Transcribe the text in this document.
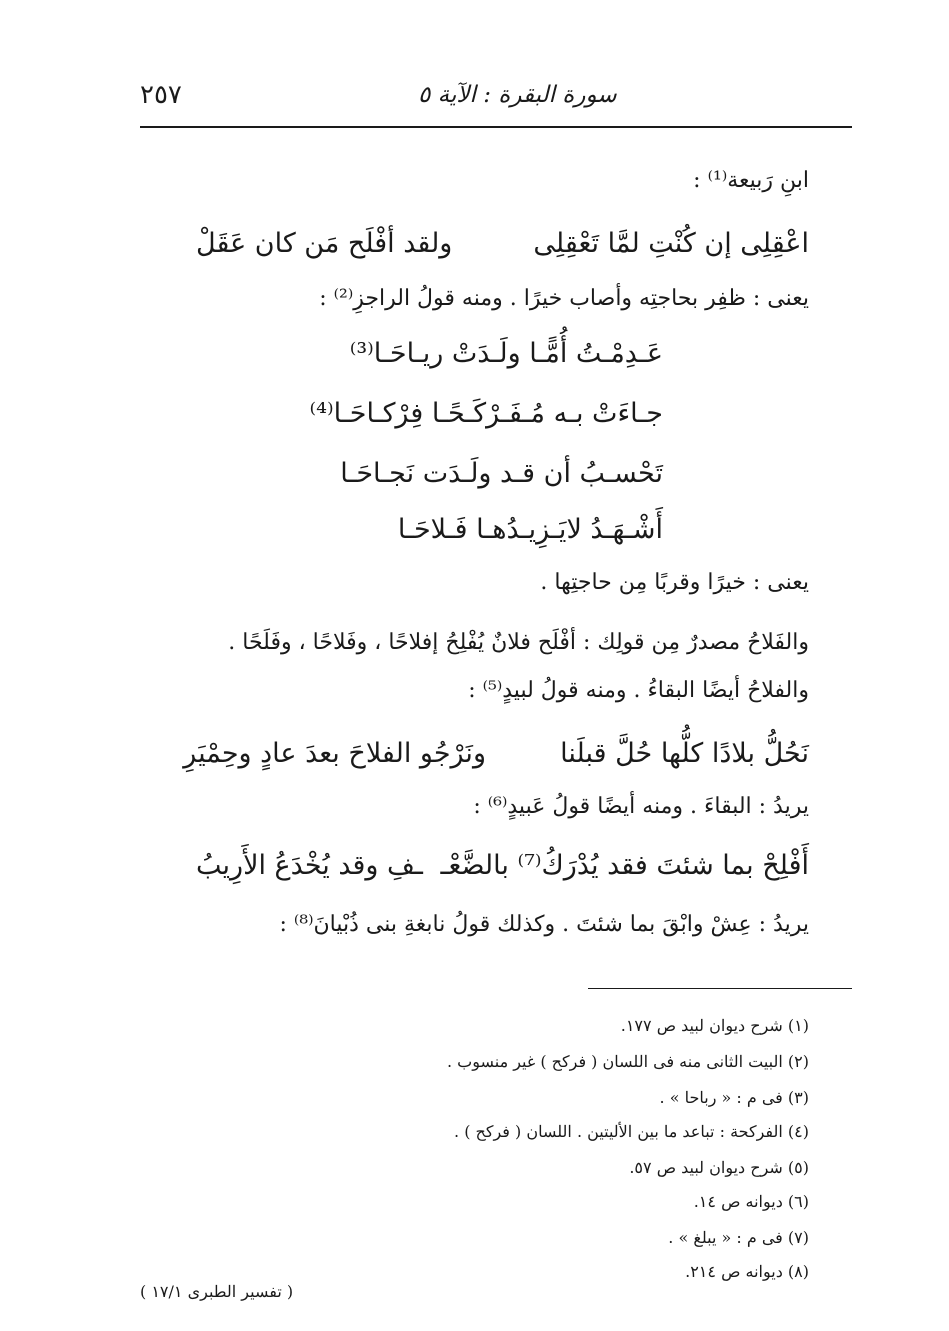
٢٥٧	سورة البقرة : الآية ٥
ابنِ رَبيعة⁽¹⁾ :
ولقد أفْلَح مَن كان عَقَلْ	اعْقِلِى إن كُنْتِ لمَّا تَعْقِلِى
يعنى : ظفِر بحاجتِه وأصاب خيرًا . ومنه قولُ الراجزِ⁽²⁾ :
عَـدِمْـتُ أُمًّـا ولَـدَتْ ريـاحَـا⁽³⁾
جـاءَتْ بـه مُـفَـرْكَـحًـا فِرْكـاحَـا⁽⁴⁾
تَحْسـبُ أن قـد ولَـدَت نَجـاحَـا
أَشْـهَـدُ لايَـزِيـدُهـا فَـلاحَـا
يعنى : خيرًا وقربًا مِن حاجتِها .
والفَلاحُ مصدرٌ مِن قولِك : أفْلَح فلانٌ يُفْلِحُ إفلاحًا ، وفَلاحًا ، وفَلَحًا .
والفلاحُ أيضًا البقاءُ . ومنه قولُ لبيدٍ⁽⁵⁾ :
ونَرْجُو الفلاحَ بعدَ عادٍ وحِمْيَرِ	نَحُلُّ بلادًا كلُّها حُلَّ قبلَنا
يريدُ : البقاءَ . ومنه أيضًا قولُ عَبيدٍ⁽⁶⁾ :
ـفِ وقد يُخْدَعُ الأَرِيبُ أَفْلِحْ بما شئتَ فقد يُدْرَكُ⁽⁷⁾ بالضَّعْـ
يريدُ : عِشْ وابْقَ بما شئتَ . وكذلك قولُ نابغةِ بنى ذُبْيانَ⁽⁸⁾ :
(١) شرح ديوان لبيد ص ١٧٧.
(٢) البيت الثانى منه فى اللسان ( فركح ) غير منسوب .
(٣) فى م : « رباحا » .
(٤) الفركحة : تباعد ما بين الأليتين . اللسان ( فركح ) .
(٥) شرح ديوان لبيد ص ٥٧.
(٦) ديوانه ص ١٤.
(٧) فى م : « يبلغ » .
(٨) ديوانه ص ٢١٤.
( تفسير الطبرى ١٧/١ )
